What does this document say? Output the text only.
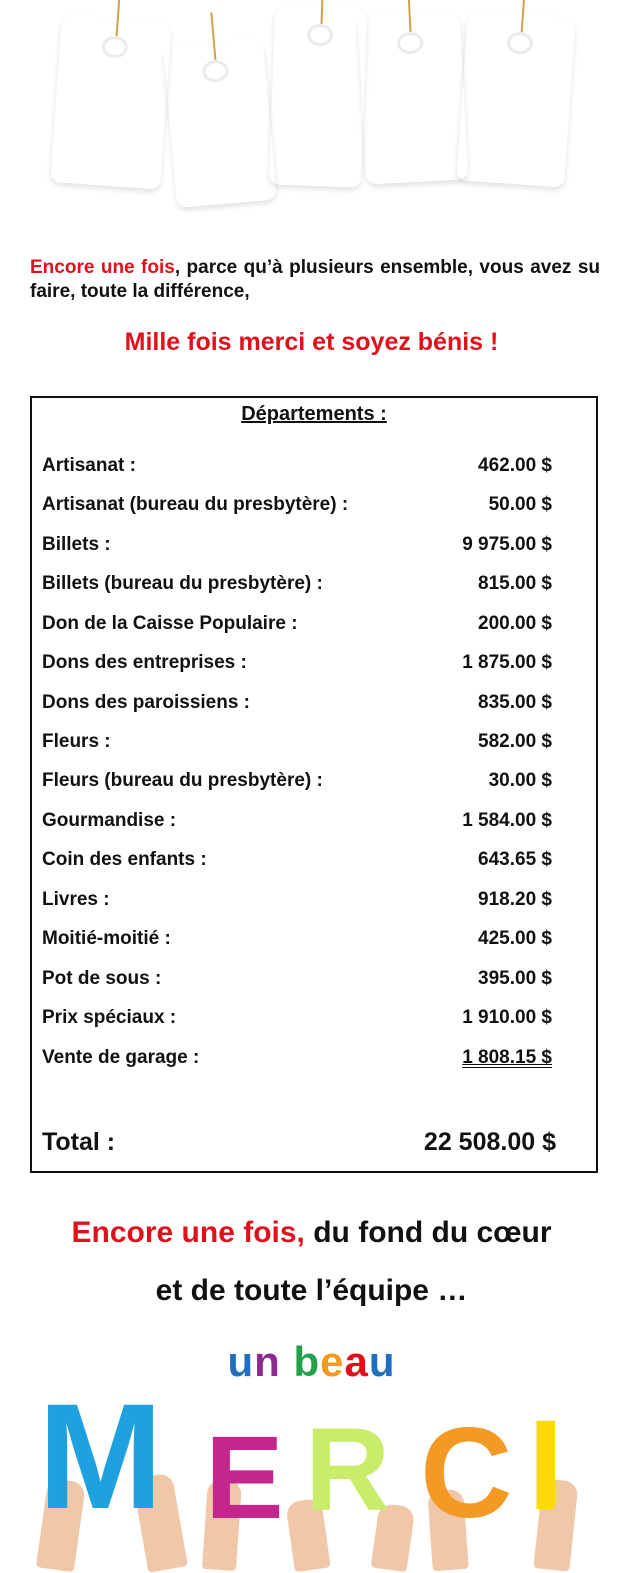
B A Z A R
Encore une fois, parce qu’à plusieurs ensemble, vous avez su faire, toute la différence,
Mille fois merci et soyez bénis !
Départements :
Artisanat :	462.00 $
Artisanat (bureau du presbytère) :	50.00 $
Billets :	9 975.00 $
Billets (bureau du presbytère) :	815.00 $
Don de la Caisse Populaire :	200.00 $
Dons des entreprises :	1 875.00 $
Dons des paroissiens :	835.00 $
Fleurs :	582.00 $
Fleurs (bureau du presbytère) :	30.00 $
Gourmandise :	1 584.00 $
Coin des enfants :	643.65 $
Livres :	918.20 $
Moitié-moitié :	425.00 $
Pot de sous :	395.00 $
Prix spéciaux :	1 910.00 $
Vente de garage :	1 808.15 $
Total :	22 508.00 $
Encore une fois, du fond du cœur
et de toute l’équipe …
un beau
M E R C I
